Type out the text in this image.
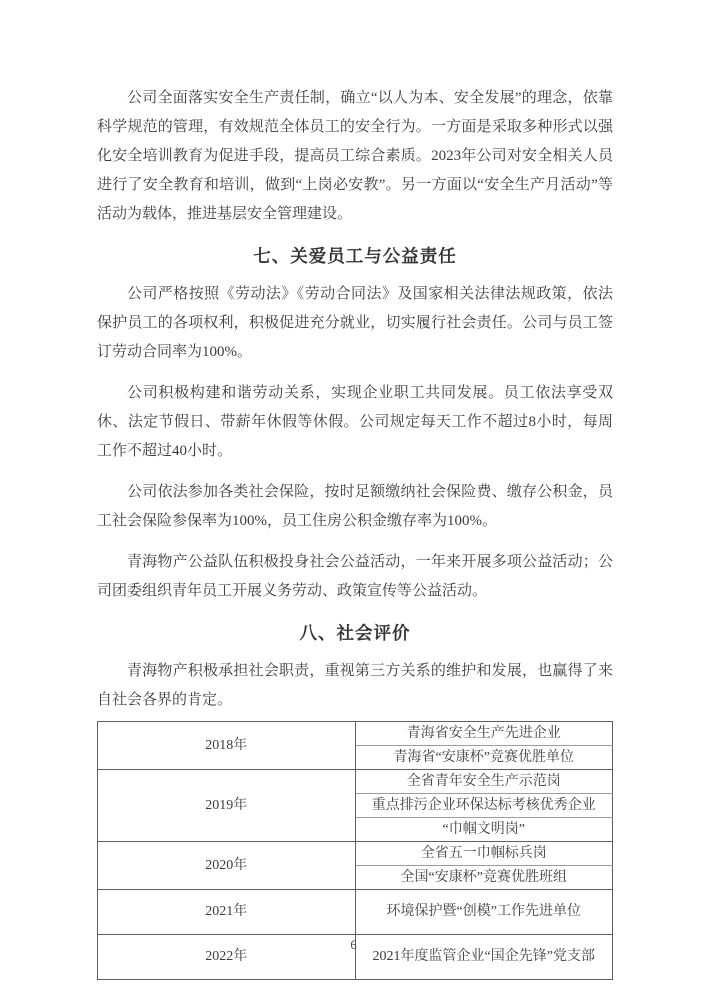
公司全面落实安全生产责任制，确立“以人为本、安全发展”的理念，依靠科学规范的管理，有效规范全体员工的安全行为。一方面是采取多种形式以强化安全培训教育为促进手段，提高员工综合素质。2023年公司对安全相关人员进行了安全教育和培训，做到“上岗必安教”。另一方面以“安全生产月活动”等活动为载体，推进基层安全管理建设。

七、关爱员工与公益责任

公司严格按照《劳动法》《劳动合同法》及国家相关法律法规政策，依法保护员工的各项权利，积极促进充分就业，切实履行社会责任。公司与员工签订劳动合同率为100%。

公司积极构建和谐劳动关系，实现企业职工共同发展。员工依法享受双休、法定节假日、带薪年休假等休假。公司规定每天工作不超过8小时，每周工作不超过40小时。

公司依法参加各类社会保险，按时足额缴纳社会保险费、缴存公积金，员工社会保险参保率为100%，员工住房公积金缴存率为100%。

青海物产公益队伍积极投身社会公益活动，一年来开展多项公益活动；公司团委组织青年员工开展义务劳动、政策宣传等公益活动。

八、社会评价

青海物产积极承担社会职责，重视第三方关系的维护和发展，也赢得了来自社会各界的肯定。

2018年	青海省安全生产先进企业
	青海省“安康杯”竞赛优胜单位
2019年	全省青年安全生产示范岗
	重点排污企业环保达标考核优秀企业
	“巾帼文明岗”
2020年	全省五一巾帼标兵岗
	全国“安康杯”竞赛优胜班组
2021年	环境保护暨“创模”工作先进单位
2022年	2021年度监管企业“国企先锋”党支部
6
